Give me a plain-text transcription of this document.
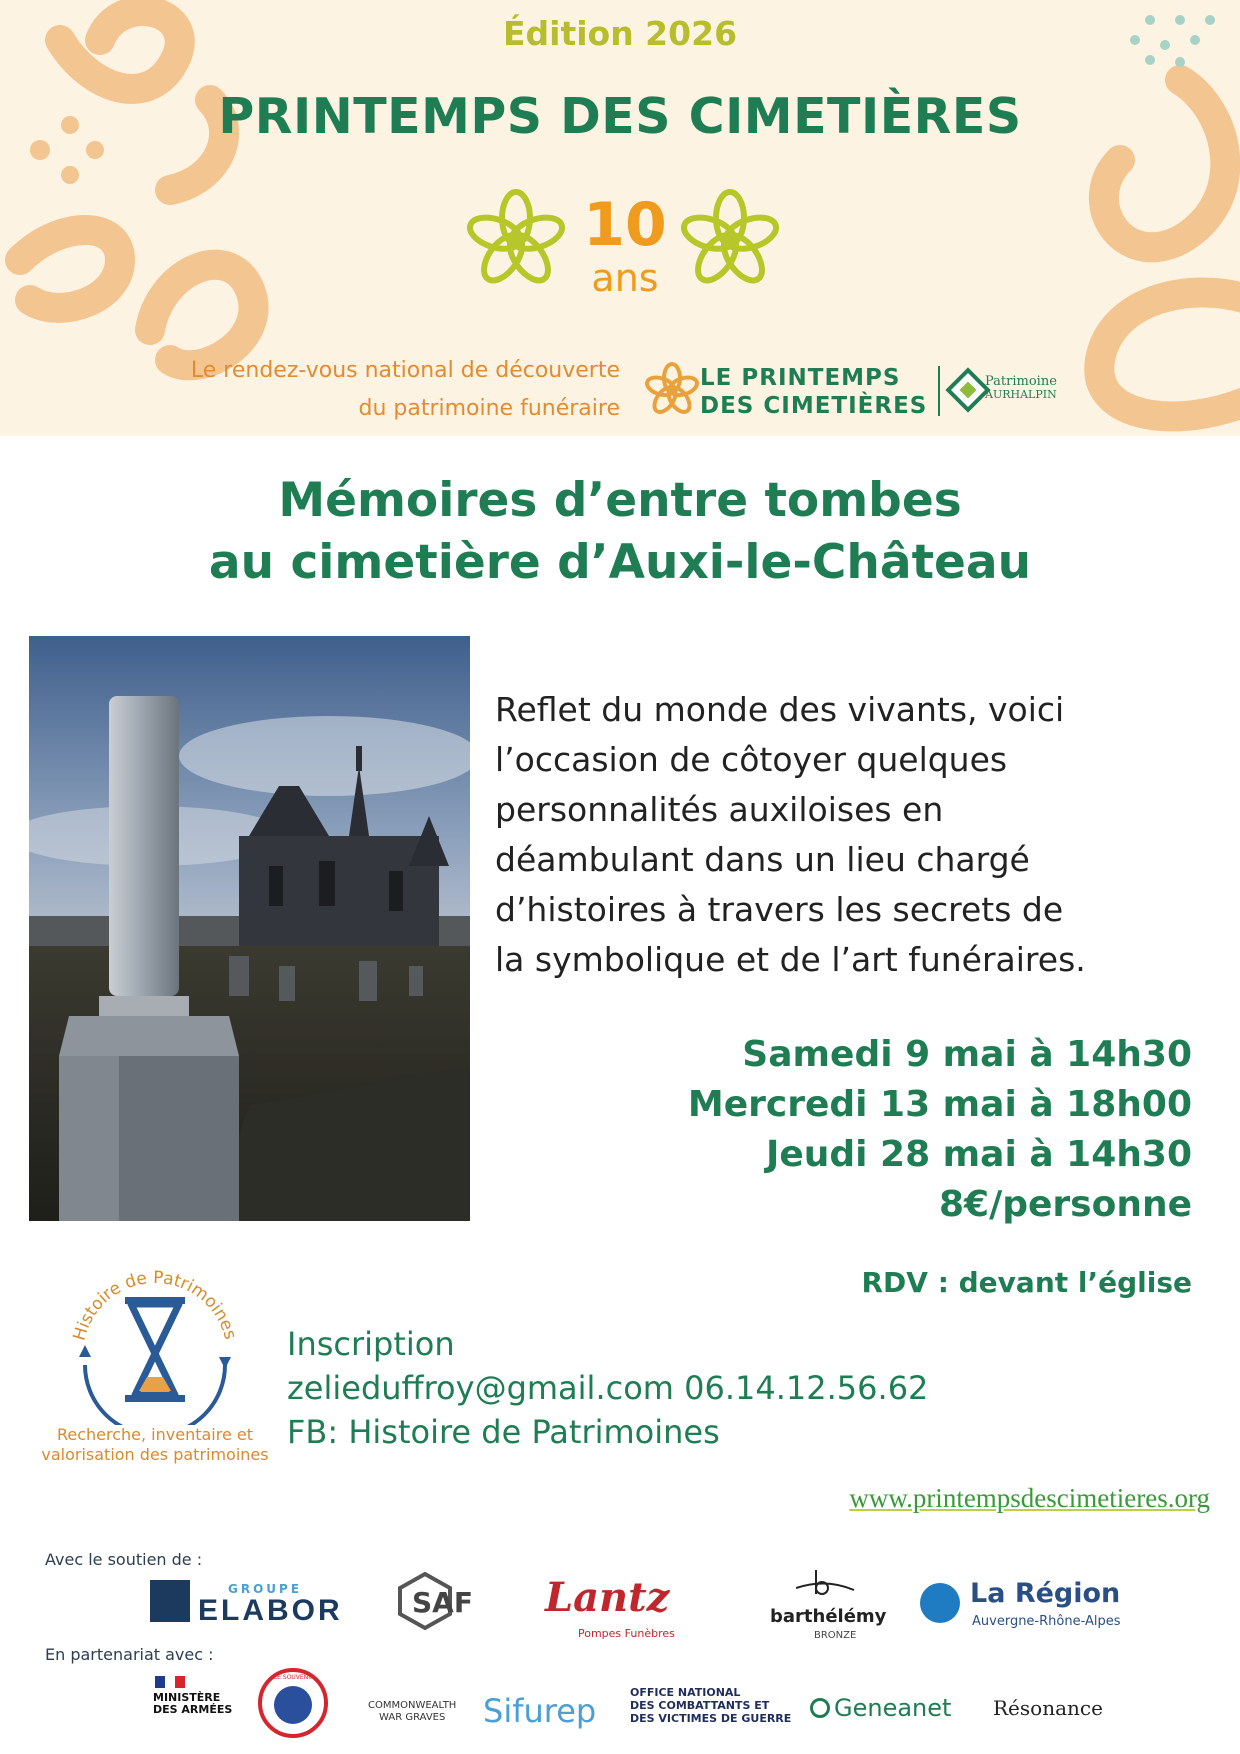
Édition 2026
PRINTEMPS DES CIMETIÈRES
10
ans
Le rendez-vous national de découverte
du patrimoine funéraire
LE PRINTEMPS
DES CIMETIÈRES
Patrimoine
AURHALPIN
Mémoires d’entre tombes
au cimetière d’Auxi-le-Château
Reflet du monde des vivants, voici
l’occasion de côtoyer quelques
personnalités auxiloises en
déambulant dans un lieu chargé
d’histoires à travers les secrets de
la symbolique et de l’art funéraires.
Samedi 9 mai à 14h30
Mercredi 13 mai à 18h00
Jeudi 28 mai à 14h30
8€/personne
RDV : devant l’église
Histoire de Patrimoines
Recherche, inventaire et
valorisation des patrimoines
Inscription
zelieduffroy@gmail.com 06.14.12.56.62
FB: Histoire de Patrimoines
www.printempsdescimetieres.org
Avec le soutien de :
GROUPE
ELABOR SAF Lantz
Pompes Funèbres
barthélémy
BRONZE
La Région
Auvergne-Rhône-Alpes
En partenariat avec :
MINISTÈRE
DES ARMÉES
LE SOUVENIR
COMMONWEALTH
WAR GRAVES	Sifurep	OFFICE NATIONAL
DES COMBATTANTS ET
DES VICTIMES DE GUERRE Geneanet Résonance
